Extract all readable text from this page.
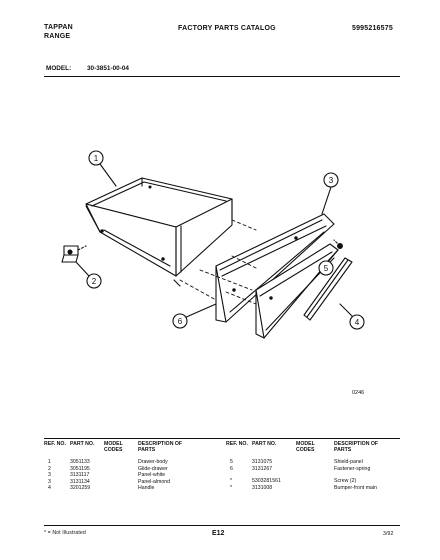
TAPPAN
RANGE
FACTORY PARTS CATALOG	5995216575
MODEL: 30-3851-00-04
1
2
3
4
5
6
0246
REF. NO.	PART NO.	MODEL CODES	DESCRIPTION OF PARTS

1	3051133		Drawer-body
2	3051195		Glide-drawer
3	3131117		Panel-white
3	3131134		Panel-almond
4	3201259		Handle
REF. NO.	PART NO.	MODEL CODES	DESCRIPTION OF PARTS

5	3131075		Shield-panel
6	3131267		Fastener-spring

*	5303281561		Screw (2)
*	3131008		Bumper-front main
* = Not Illustrated	E12	3/92
